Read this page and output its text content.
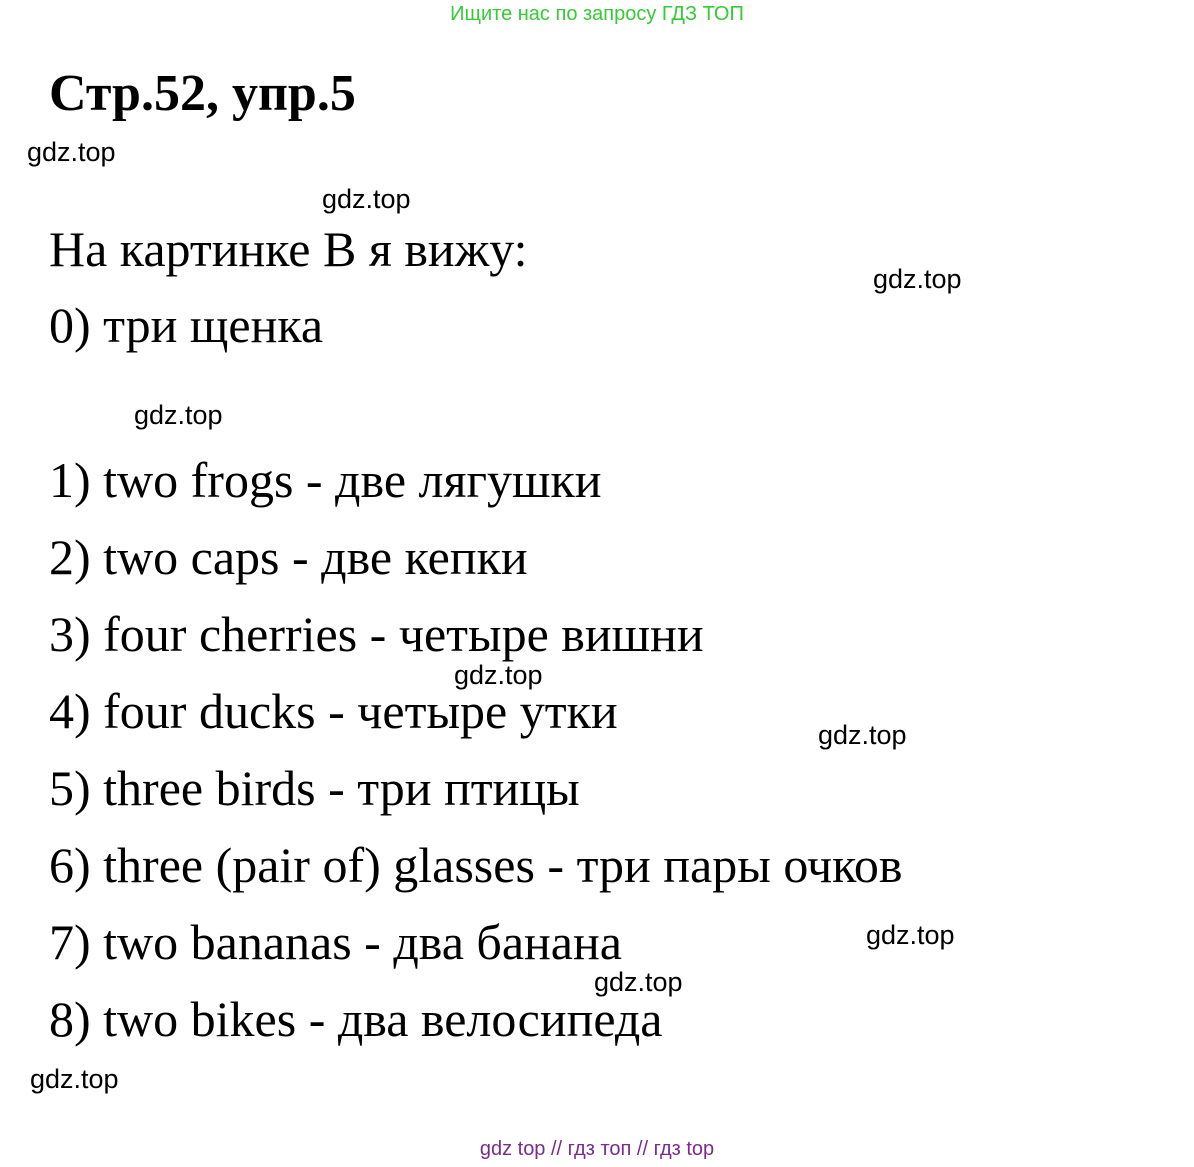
Ищите нас по запросу ГДЗ ТОП
Стр.52, упр.5
gdz.top
gdz.top
gdz.top
На картинке В я вижу:
0) три щенка
gdz.top
1) two frogs - две лягушки
2) two caps - две кепки
3) four cherries - четыре вишни
gdz.top
4) four ducks - четыре утки	gdz.top
5) three birds - три птицы
6) three (pair of) glasses - три пары очков
gdz.top
7) two bananas - два банана
gdz.top
8) two bikes - два велосипеда
gdz.top
gdz top // гдз топ // гдз top
